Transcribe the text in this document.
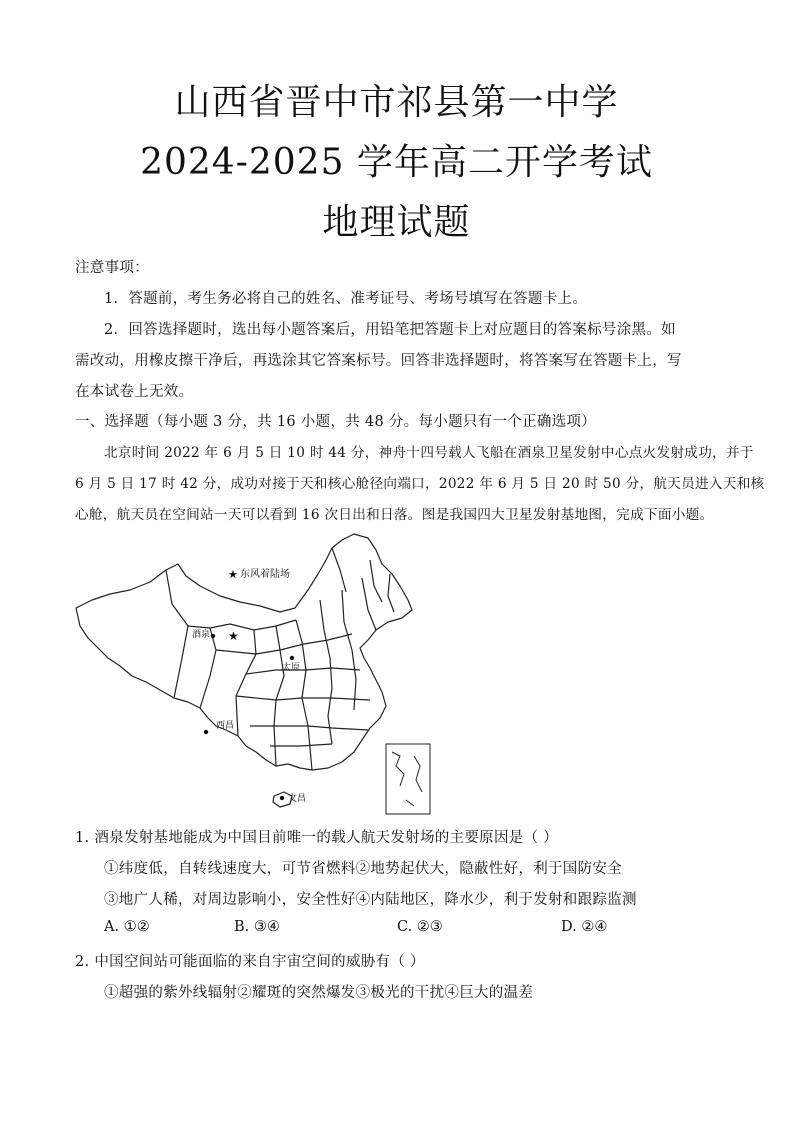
山西省晋中市祁县第一中学
2024-2025 学年高二开学考试
地理试题
注意事项：
1．答题前，考生务必将自己的姓名、准考证号、考场号填写在答题卡上。
2．回答选择题时，选出每小题答案后，用铅笔把答题卡上对应题目的答案标号涂黑。如
需改动，用橡皮擦干净后，再选涂其它答案标号。回答非选择题时，将答案写在答题卡上，写
在本试卷上无效。
一、选择题（每小题 3 分，共 16 小题，共 48 分。每小题只有一个正确选项）
北京时间 2022 年 6 月 5 日 10 时 44 分，神舟十四号载人飞船在酒泉卫星发射中心点火发射成功，并于
6 月 5 日 17 时 42 分，成功对接于天和核心舱径向端口，2022 年 6 月 5 日 20 时 50 分，航天员进入天和核
心舱，航天员在空间站一天可以看到 16 次日出和日落。图是我国四大卫星发射基地图，完成下面小题。
★
★
东风着陆场
酒泉
太原
西昌
文昌
1. 酒泉发射基地能成为中国目前唯一的载人航天发射场的主要原因是（ ）
①纬度低，自转线速度大，可节省燃料②地势起伏大，隐蔽性好，利于国防安全
③地广人稀，对周边影响小，安全性好④内陆地区，降水少，利于发射和跟踪监测
A. ①②	B. ③④	C. ②③	D. ②④
2. 中国空间站可能面临的来自宇宙空间的威胁有（ ）
①超强的紫外线辐射②耀斑的突然爆发③极光的干扰④巨大的温差
